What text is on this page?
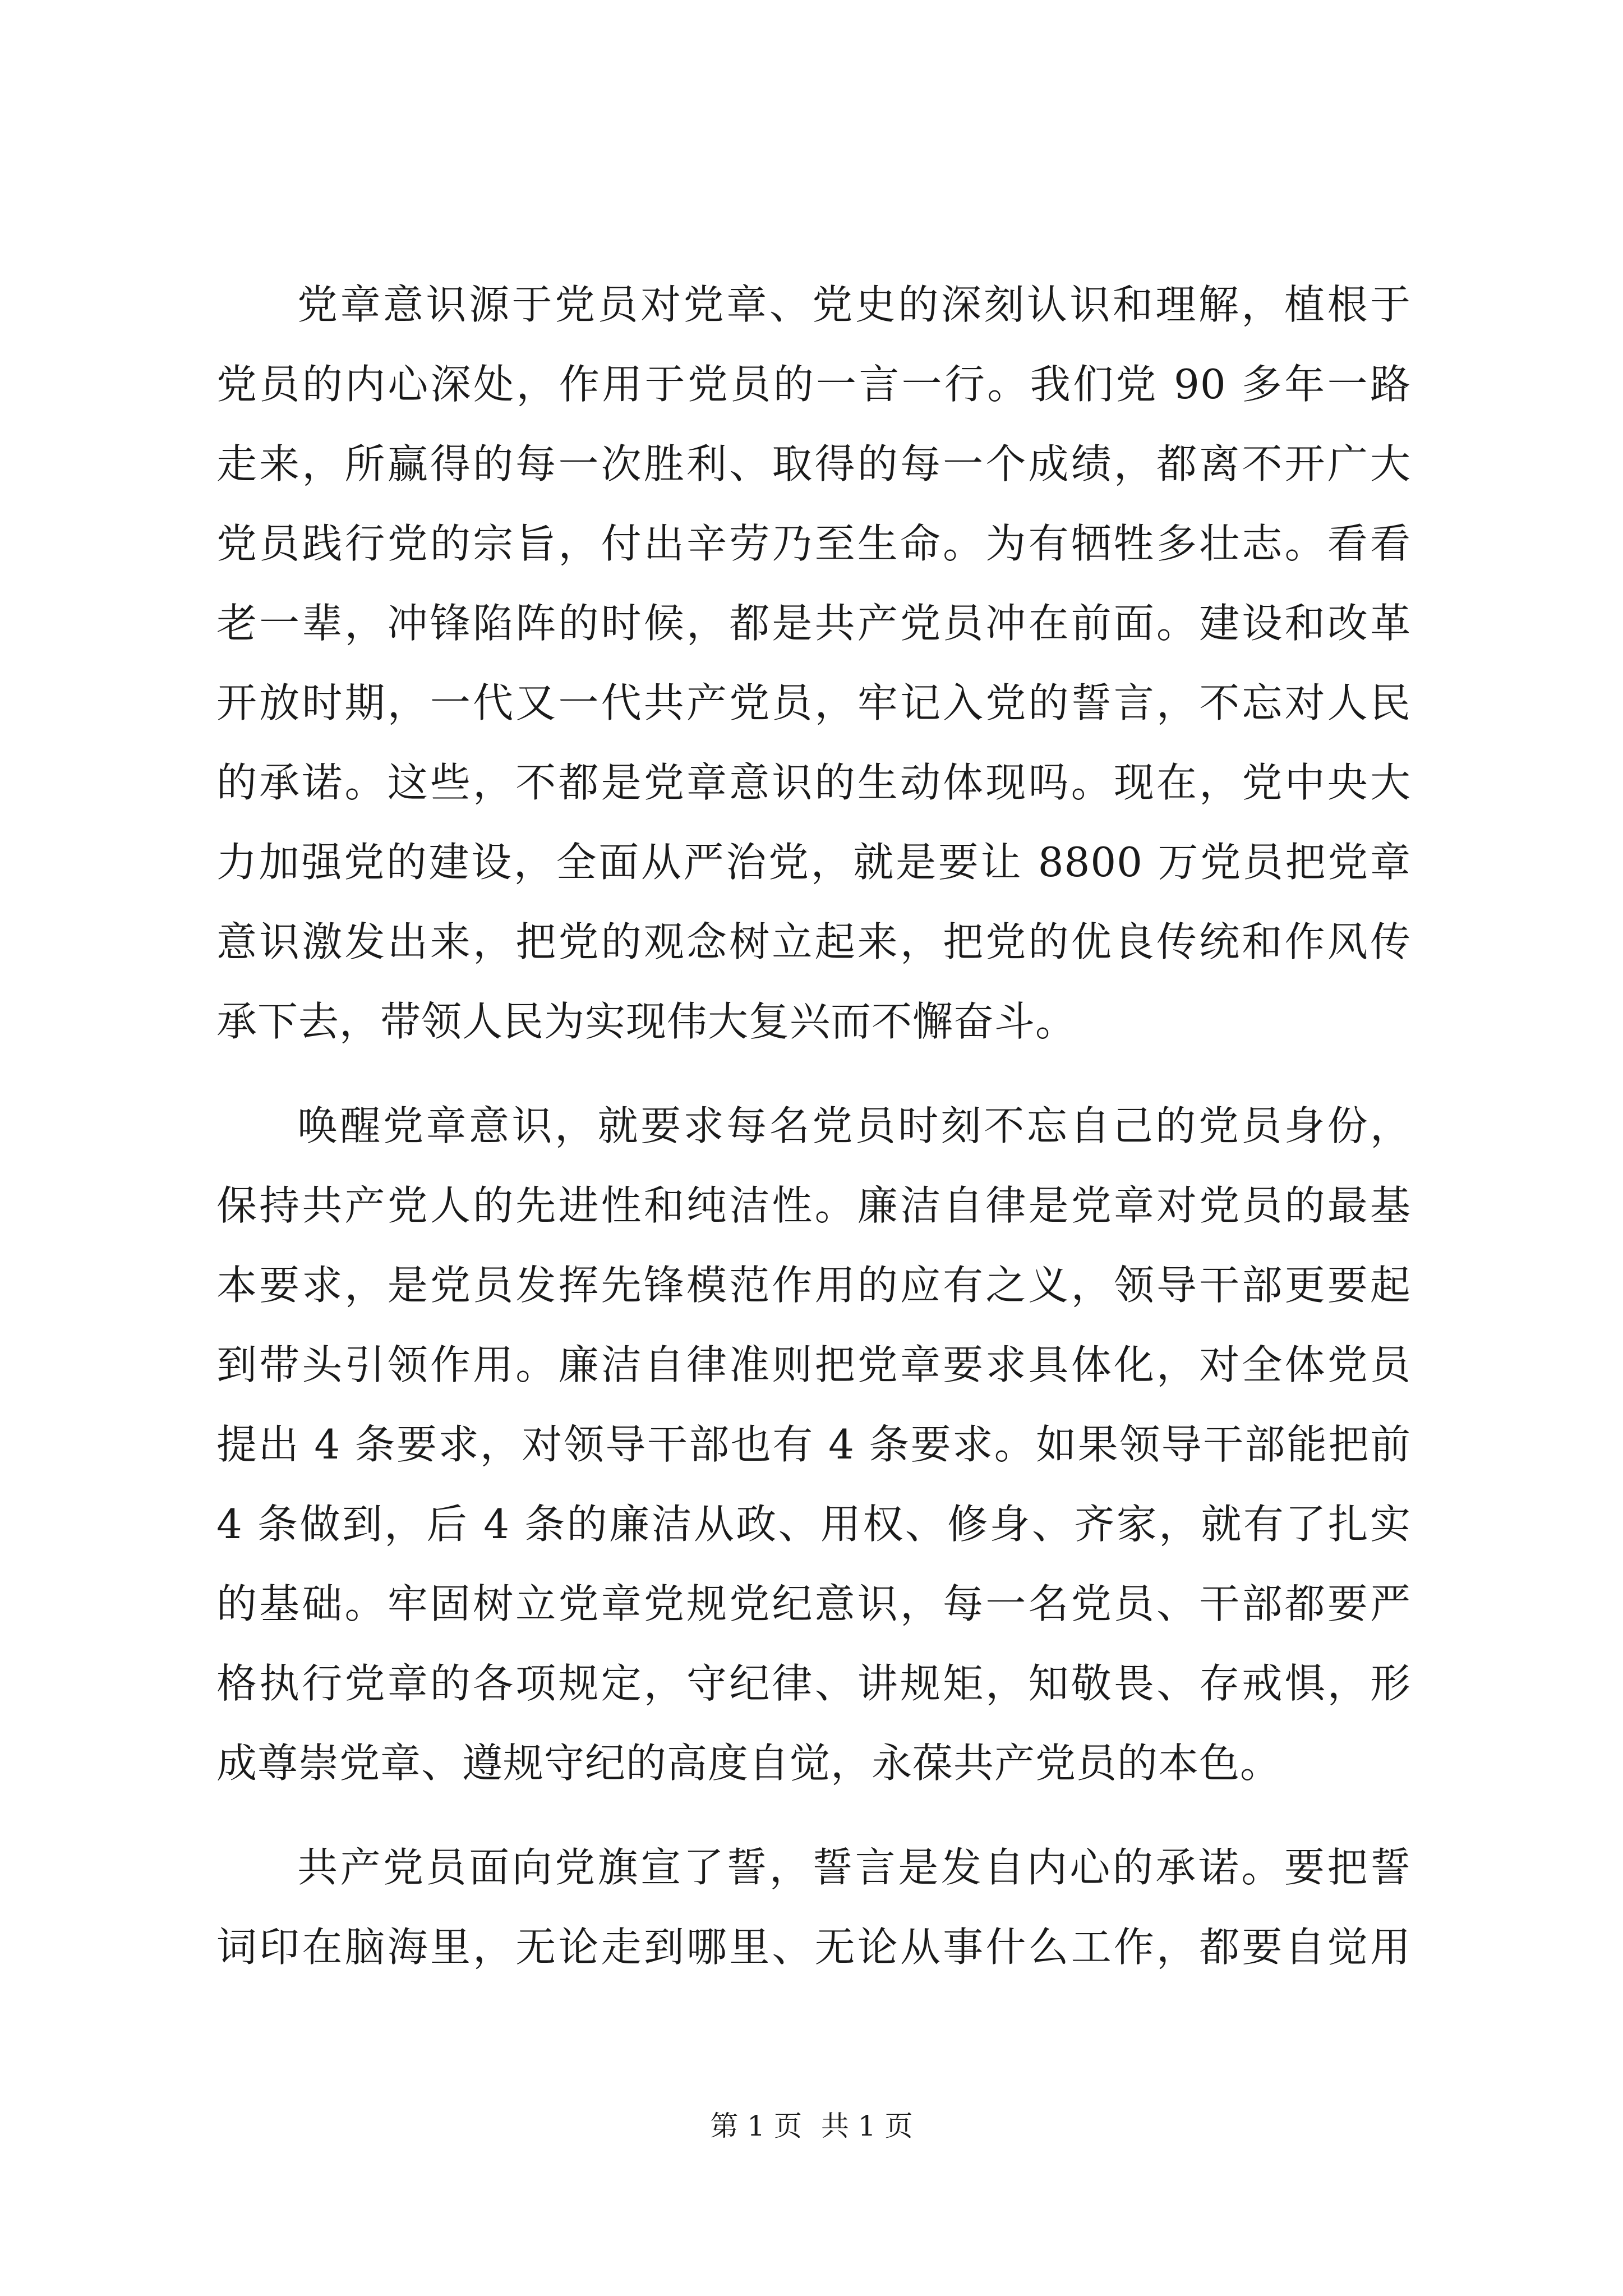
党章意识源于党员对党章、党史的深刻认识和理解，植根于
党员的内心深处，作用于党员的一言一行。我们党 90 多年一路
走来，所赢得的每一次胜利、取得的每一个成绩，都离不开广大
党员践行党的宗旨，付出辛劳乃至生命。为有牺牲多壮志。看看
老一辈，冲锋陷阵的时候，都是共产党员冲在前面。建设和改革
开放时期，一代又一代共产党员，牢记入党的誓言，不忘对人民
的承诺。这些，不都是党章意识的生动体现吗。现在，党中央大
力加强党的建设，全面从严治党，就是要让 8800 万党员把党章
意识激发出来，把党的观念树立起来，把党的优良传统和作风传
承下去，带领人民为实现伟大复兴而不懈奋斗。
唤醒党章意识，就要求每名党员时刻不忘自己的党员身份，
保持共产党人的先进性和纯洁性。廉洁自律是党章对党员的最基
本要求，是党员发挥先锋模范作用的应有之义，领导干部更要起
到带头引领作用。廉洁自律准则把党章要求具体化，对全体党员
提出 4 条要求，对领导干部也有 4 条要求。如果领导干部能把前
4 条做到，后 4 条的廉洁从政、用权、修身、齐家，就有了扎实
的基础。牢固树立党章党规党纪意识，每一名党员、干部都要严
格执行党章的各项规定，守纪律、讲规矩，知敬畏、存戒惧，形
成尊崇党章、遵规守纪的高度自觉，永葆共产党员的本色。
共产党员面向党旗宣了誓，誓言是发自内心的承诺。要把誓
词印在脑海里，无论走到哪里、无论从事什么工作，都要自觉用
第 1 页 共 1 页
